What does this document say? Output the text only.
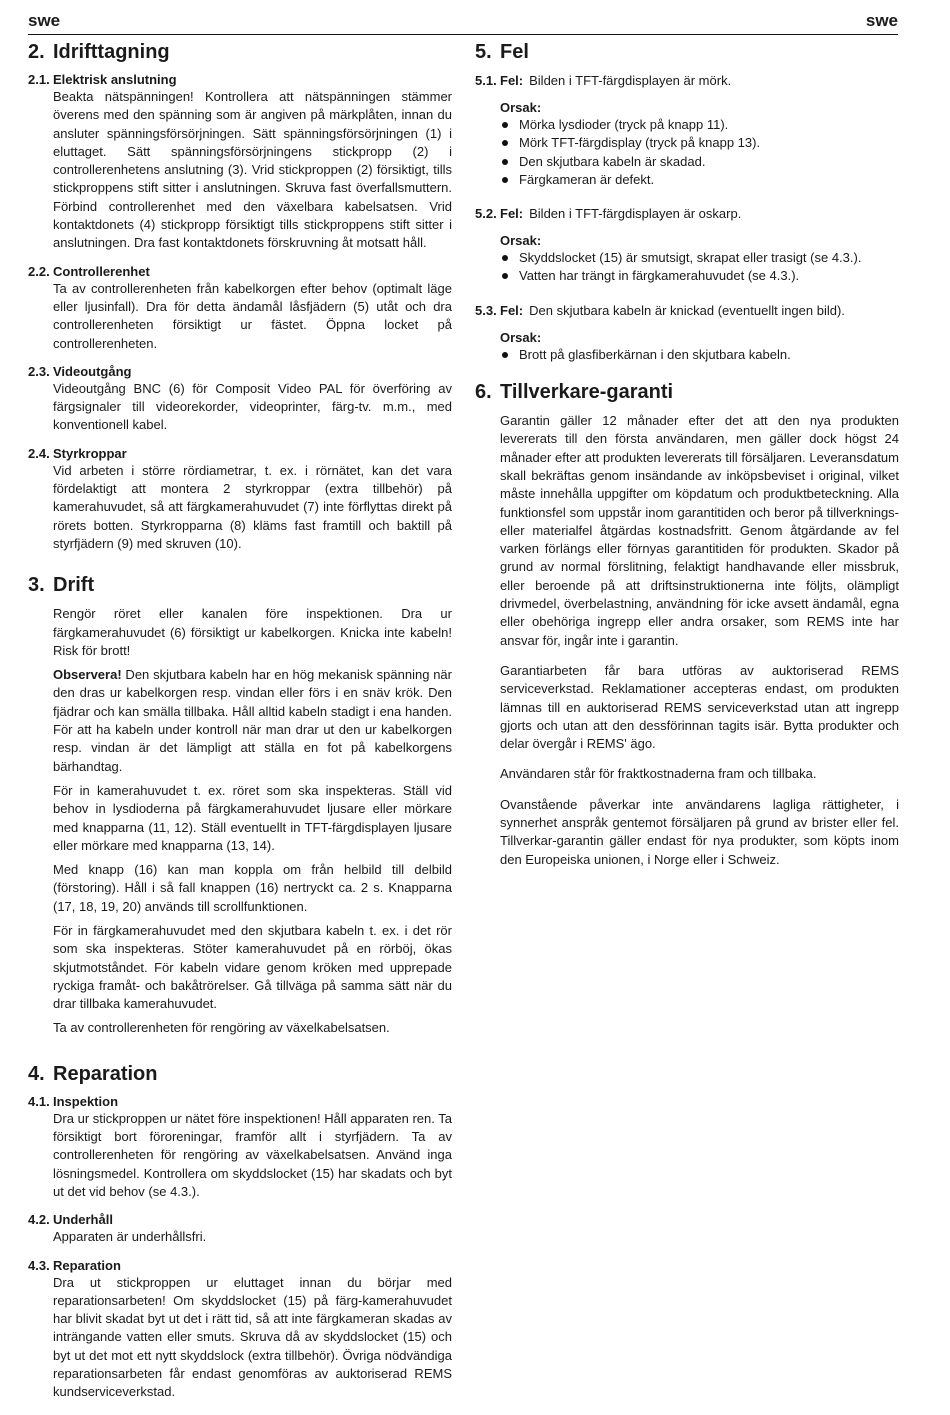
swe	swe
2. Idrifttagning
2.1. Elektrisk anslutning

Beakta nätspänningen! Kontrollera att nätspänningen stämmer överens med den spänning som är angiven på märkplåten, innan du ansluter spänningsförsörjningen. Sätt spänningsförsörjningen (1) i eluttaget. Sätt spänningsförsörjningens stickpropp (2) i controllerenhetens anslutning (3). Vrid stickproppen (2) försiktigt, tills stickproppens stift sitter i anslutningen. Skruva fast överfallsmuttern. Förbind controllerenhet med den växelbara kabelsatsen. Vrid kontaktdonets (4) stickpropp försiktigt tills stickproppens stift sitter i anslutningen. Dra fast kontaktdonets förskruvning åt motsatt håll.

2.2. Controllerenhet

Ta av controllerenheten från kabelkorgen efter behov (optimalt läge eller ljusinfall). Dra för detta ändamål låsfjädern (5) utåt och dra controllerenheten försiktigt ur fästet. Öppna locket på controllerenheten.

2.3. Videoutgång

Videoutgång BNC (6) för Composit Video PAL för överföring av färgsignaler till videorekorder, videoprinter, färg-tv. m.m., med konventionell kabel.

2.4. Styrkroppar

Vid arbeten i större rördiametrar, t. ex. i rörnätet, kan det vara fördelaktigt att montera 2 styrkroppar (extra tillbehör) på kamerahuvudet, så att färgkamerahuvudet (7) inte förflyttas direkt på rörets botten. Styrkropparna (8) kläms fast framtill och baktill på styrfjädern (9) med skruven (10).

3. Drift

Rengör röret eller kanalen före inspektionen. Dra ur färgkamerahuvudet (6) försiktigt ur kabelkorgen. Knicka inte kabeln! Risk för brott!

Observera! Den skjutbara kabeln har en hög mekanisk spänning när den dras ur kabelkorgen resp. vindan eller förs i en snäv krök. Den fjädrar och kan smälla tillbaka. Håll alltid kabeln stadigt i ena handen. För att ha kabeln under kontroll när man drar ut den ur kabelkorgen resp. vindan är det lämpligt att ställa en fot på kabelkorgens bärhandtag.

För in kamerahuvudet t. ex. röret som ska inspekteras. Ställ vid behov in lysdioderna på färgkamerahuvudet ljusare eller mörkare med knapparna (11, 12). Ställ eventuellt in TFT-färgdisplayen ljusare eller mörkare med knapparna (13, 14).

Med knapp (16) kan man koppla om från helbild till delbild (förstoring). Håll i så fall knappen (16) nertryckt ca. 2 s. Knapparna (17, 18, 19, 20) används till scrollfunktionen.

För in färgkamerahuvudet med den skjutbara kabeln t. ex. i det rör som ska inspekteras. Stöter kamerahuvudet på en rörböj, ökas skjutmotståndet. För kabeln vidare genom kröken med upprepade ryckiga framåt- och bakåtrörelser. Gå tillväga på samma sätt när du drar tillbaka kamerahuvudet.

Ta av controllerenheten för rengöring av växelkabelsatsen.

4. Reparation
4.1. Inspektion

Dra ur stickproppen ur nätet före inspektionen! Håll apparaten ren. Ta försiktigt bort föroreningar, framför allt i styrfjädern. Ta av controllerenheten för rengöring av växelkabelsatsen. Använd inga lösningsmedel. Kontrollera om skyddslocket (15) har skadats och byt ut det vid behov (se 4.3.).

4.2. Underhåll

Apparaten är underhållsfri.

4.3. Reparation

Dra ut stickproppen ur eluttaget innan du börjar med reparationsarbeten! Om skyddslocket (15) på färg-kamerahuvudet har blivit skadat byt ut det i rätt tid, så att inte färgkameran skadas av inträngande vatten eller smuts. Skruva då av skyddslocket (15) och byt ut det mot ett nytt skyddslock (extra tillbehör). Övriga nödvändiga reparationsarbeten får endast genomföras av auktoriserad REMS kundserviceverkstad.

5. Fel
5.1. Fel: Bilden i TFT-färgdisplayen är mörk.
Orsak:
Mörka lysdioder (tryck på knapp 11).
Mörk TFT-färgdisplay (tryck på knapp 13).
Den skjutbara kabeln är skadad.
Färgkameran är defekt.
5.2. Fel: Bilden i TFT-färgdisplayen är oskarp.
Orsak:
Skyddslocket (15) är smutsigt, skrapat eller trasigt (se 4.3.).
Vatten har trängt in färgkamerahuvudet (se 4.3.).
5.3. Fel: Den skjutbara kabeln är knickad (eventuellt ingen bild).
Orsak:
Brott på glasfiberkärnan i den skjutbara kabeln.
6. Tillverkare-garanti

Garantin gäller 12 månader efter det att den nya produkten levererats till den första användaren, men gäller dock högst 24 månader efter att produkten levererats till försäljaren. Leveransdatum skall bekräftas genom insändande av inköpsbeviset i original, vilket måste innehålla uppgifter om köpdatum och produktbeteckning. Alla funktionsfel som uppstår inom garantitiden och beror på tillverknings- eller materialfel åtgärdas kostnadsfritt. Genom åtgärdande av fel varken förlängs eller förnyas garantitiden för produkten. Skador på grund av normal förslitning, felaktigt handhavande eller missbruk, eller beroende på att driftsinstruktionerna inte följts, olämpligt drivmedel, överbelastning, användning för icke avsett ändamål, egna eller obehöriga ingrepp eller andra orsaker, som REMS inte har ansvar för, ingår inte i garantin.

Garantiarbeten får bara utföras av auktoriserad REMS serviceverkstad. Reklamationer accepteras endast, om produkten lämnas till en auktoriserad REMS serviceverkstad utan att ingrepp gjorts och utan att den dessförinnan tagits isär. Bytta produkter och delar övergår i REMS' ägo.

Användaren står för fraktkostnaderna fram och tillbaka.

Ovanstående påverkar inte användarens lagliga rättigheter, i synnerhet anspråk gentemot försäljaren på grund av brister eller fel. Tillverkar-garantin gäller endast för nya produkter, som köpts inom den Europeiska unionen, i Norge eller i Schweiz.
